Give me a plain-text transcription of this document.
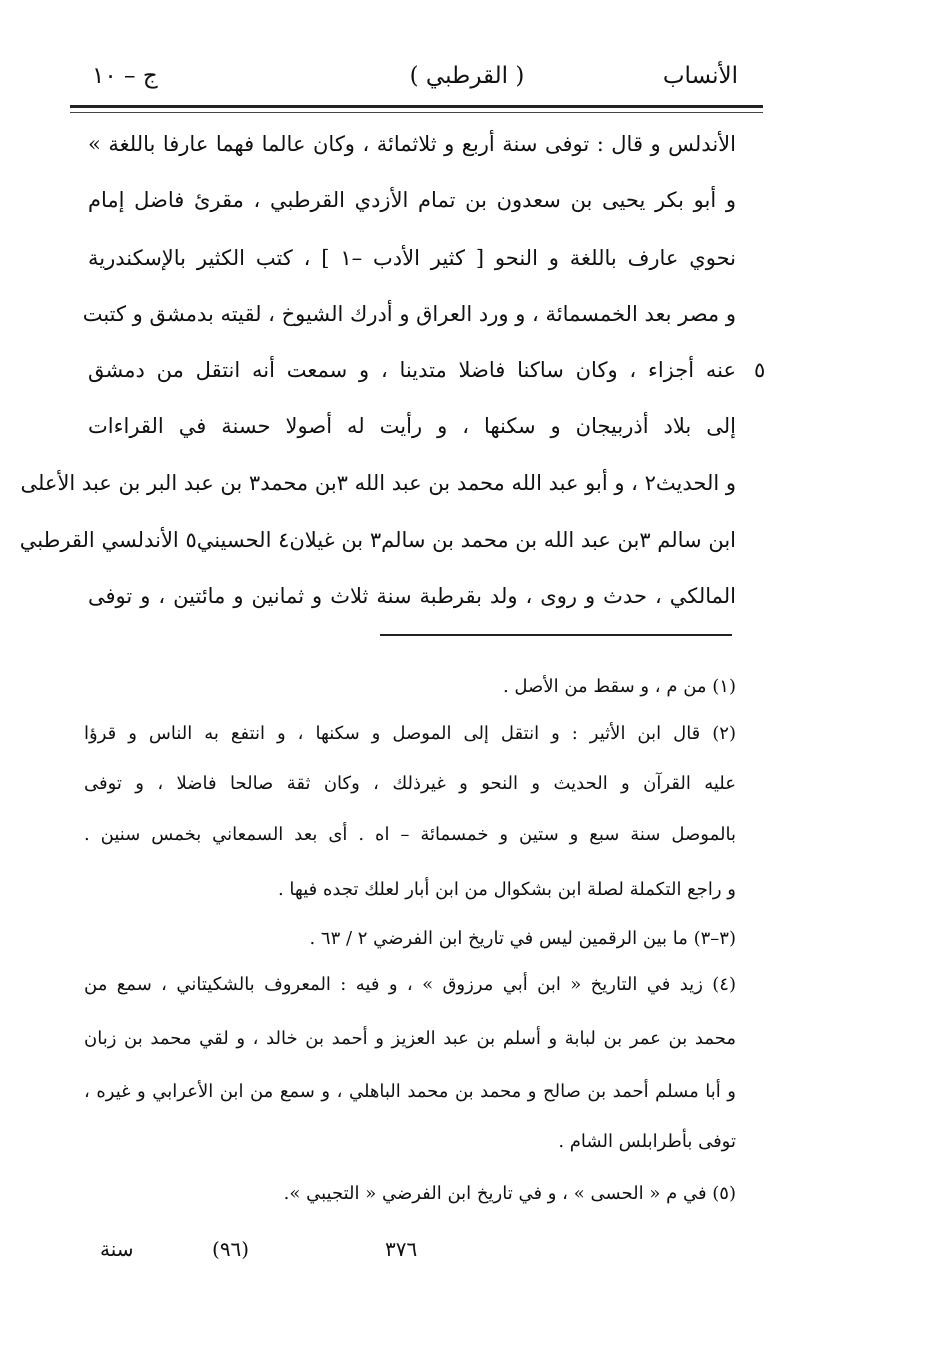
الأنساب
( القرطبي )
ج – ١٠
الأندلس و قال : توفى سنة أربع و ثلاثمائة ، وكان عالما فهما عارفا باللغة »
و أبو بكر يحيى بن سعدون بن تمام الأزدي القرطبي ، مقرئ فاضل إمام
نحوي عارف باللغة و النحو [ كثير الأدب –١ ] ، كتب الكثير بالإسكندرية
و مصر بعد الخمسمائة ، و ورد العراق و أدرك الشيوخ ، لقيته بدمشق و كتبت
عنه أجزاء ، وكان ساكنا فاضلا متدينا ، و سمعت أنه انتقل من دمشق
إلى بلاد أذربيجان و سكنها ، و رأيت له أصولا حسنة في القراءات
و الحديث٢ ، و أبو عبد الله محمد بن عبد الله ٣بن محمد٣ بن عبد البر بن عبد الأعلى
ابن سالم ٣بن عبد الله بن محمد بن سالم٣ بن غيلان٤ الحسيني٥ الأندلسي القرطبي
المالكي ، حدث و روى ، ولد بقرطبة سنة ثلاث و ثمانين و مائتين ، و توفى
٥
(١) من م ، و سقط من الأصل .
(٢) قال ابن الأثير : و انتقل إلى الموصل و سكنها ، و انتفع به الناس و قرؤا
عليه القرآن و الحديث و النحو و غيرذلك ، وكان ثقة صالحا فاضلا ، و توفى
بالموصل سنة سبع و ستين و خمسمائة – اه . أى بعد السمعاني بخمس سنين .
و راجع التكملة لصلة ابن بشكوال من ابن أبار لعلك تجده فيها .
(٣–٣) ما بين الرقمين ليس في تاريخ ابن الفرضي ٢ / ٦٣ .
(٤) زيد في التاريخ « ابن أبي مرزوق » ، و فيه : المعروف بالشكيتاني ، سمع من
محمد بن عمر بن لبابة و أسلم بن عبد العزيز و أحمد بن خالد ، و لقي محمد بن زبان
و أبا مسلم أحمد بن صالح و محمد بن محمد الباهلي ، و سمع من ابن الأعرابي و غيره ،
توفى بأطرابلس الشام .
(٥) في م « الحسى » ، و في تاريخ ابن الفرضي « التجيبي ».
٣٧٦
(٩٦)
سنة
